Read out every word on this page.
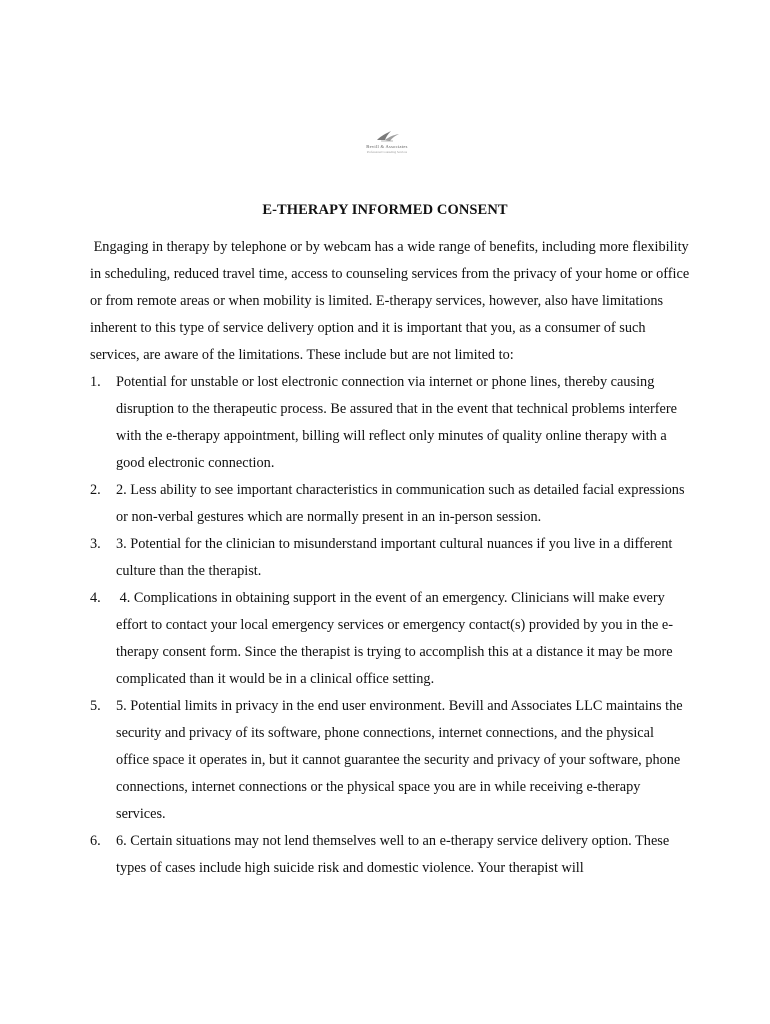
Bevill & Associates
Professional Counseling Services
E-THERAPY INFORMED CONSENT

Engaging in therapy by telephone or by webcam has a wide range of benefits, including more flexibility in scheduling, reduced travel time, access to counseling services from the privacy of your home or office or from remote areas or when mobility is limited. E-therapy services, however, also have limitations inherent to this type of service delivery option and it is important that you, as a consumer of such services, are aware of the limitations. These include but are not limited to:

1. Potential for unstable or lost electronic connection via internet or phone lines, thereby causing disruption to the therapeutic process. Be assured that in the event that technical problems interfere with the e-therapy appointment, billing will reflect only minutes of quality online therapy with a good electronic connection.
2. 2. Less ability to see important characteristics in communication such as detailed facial expressions or non-verbal gestures which are normally present in an in-person session.
3. 3. Potential for the clinician to misunderstand important cultural nuances if you live in a different culture than the therapist.
4. 4. Complications in obtaining support in the event of an emergency. Clinicians will make every effort to contact your local emergency services or emergency contact(s) provided by you in the e-therapy consent form. Since the therapist is trying to accomplish this at a distance it may be more complicated than it would be in a clinical office setting.
5. 5. Potential limits in privacy in the end user environment. Bevill and Associates LLC maintains the security and privacy of its software, phone connections, internet connections, and the physical office space it operates in, but it cannot guarantee the security and privacy of your software, phone connections, internet connections or the physical space you are in while receiving e-therapy services.
6. 6. Certain situations may not lend themselves well to an e-therapy service delivery option. These types of cases include high suicide risk and domestic violence. Your therapist will
